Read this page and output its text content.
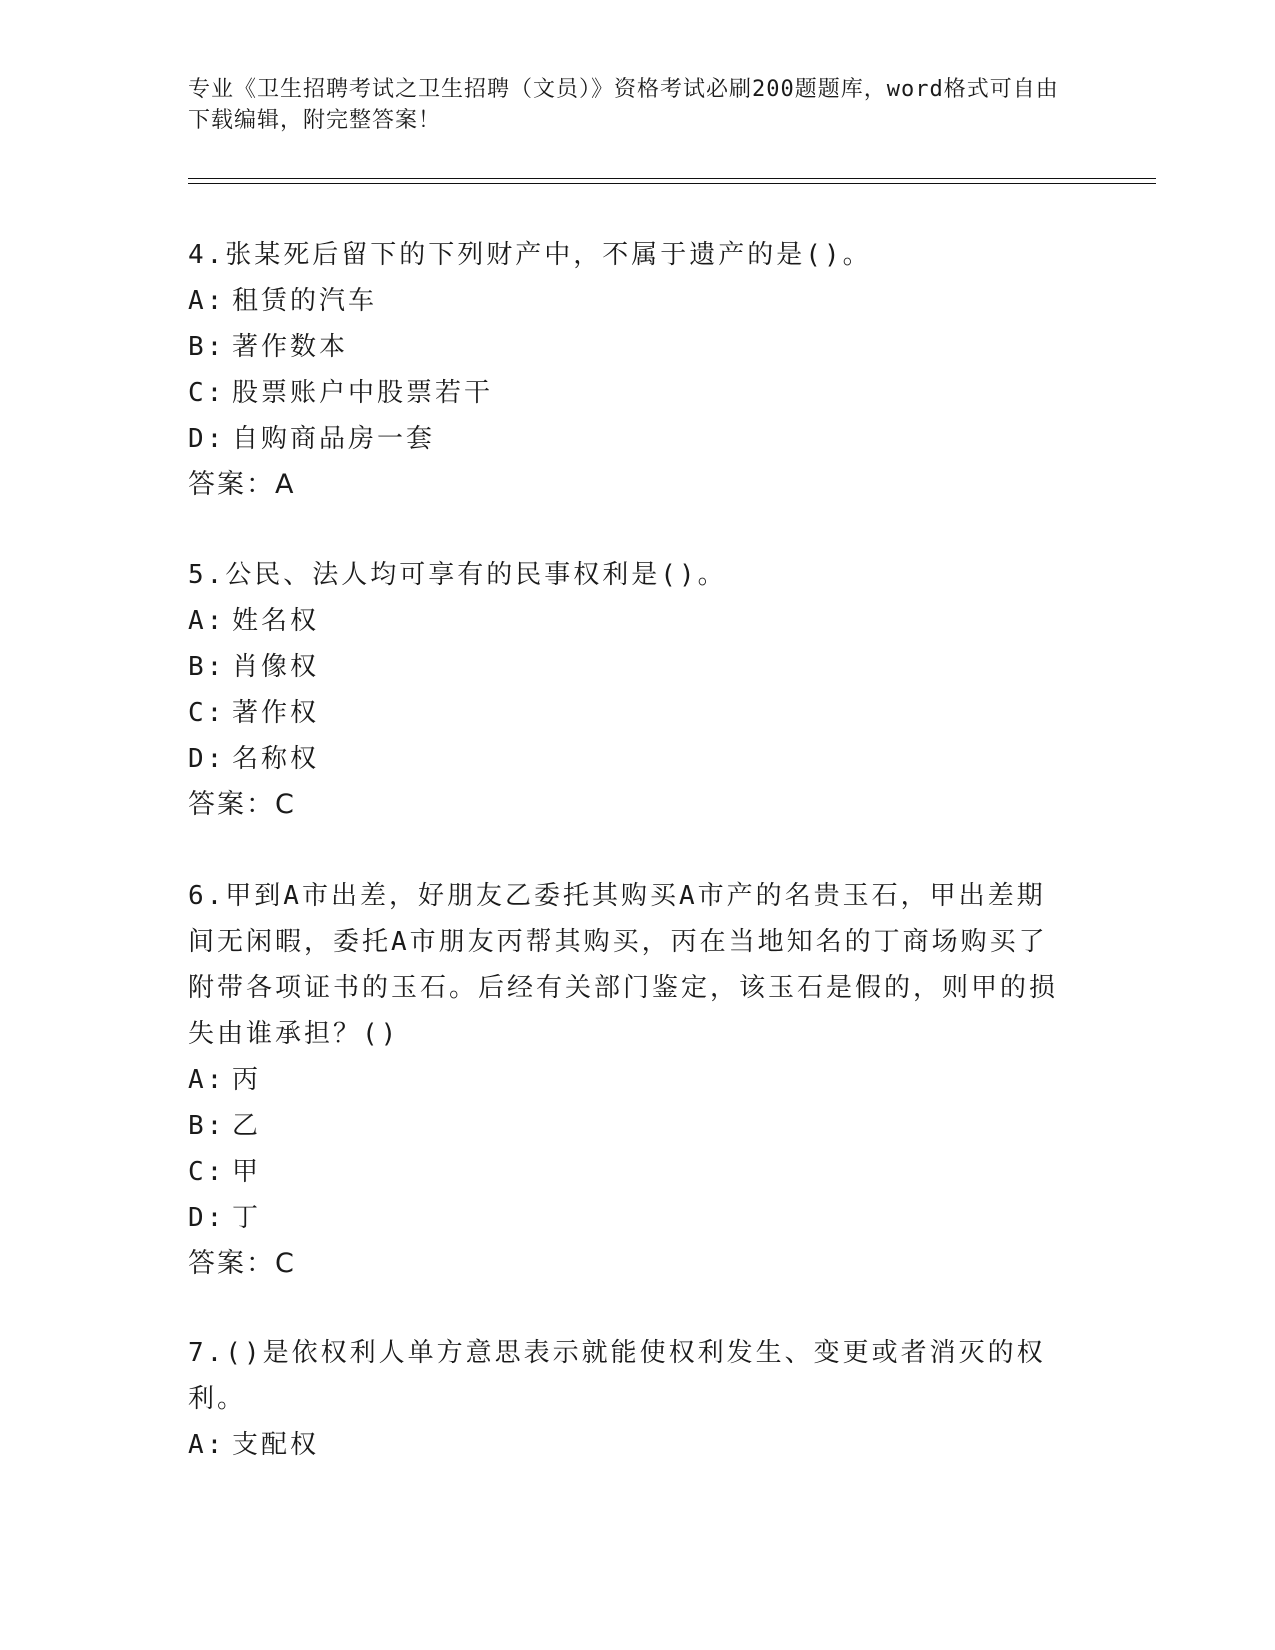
专业《卫生招聘考试之卫生招聘（文员）》资格考试必刷200题题库，word格式可自由下载编辑，附完整答案！
4.张某死后留下的下列财产中，不属于遗产的是()。
A: 租赁的汽车
B: 著作数本
C: 股票账户中股票若干
D: 自购商品房一套
答案：A
5.公民、法人均可享有的民事权利是()。
A: 姓名权
B: 肖像权
C: 著作权
D: 名称权
答案：C
6.甲到A市出差，好朋友乙委托其购买A市产的名贵玉石，甲出差期间无闲暇，委托A市朋友丙帮其购买，丙在当地知名的丁商场购买了附带各项证书的玉石。后经有关部门鉴定，该玉石是假的，则甲的损失由谁承担？()
A: 丙
B: 乙
C: 甲
D: 丁
答案：C
7.()是依权利人单方意思表示就能使权利发生、变更或者消灭的权利。
A: 支配权
